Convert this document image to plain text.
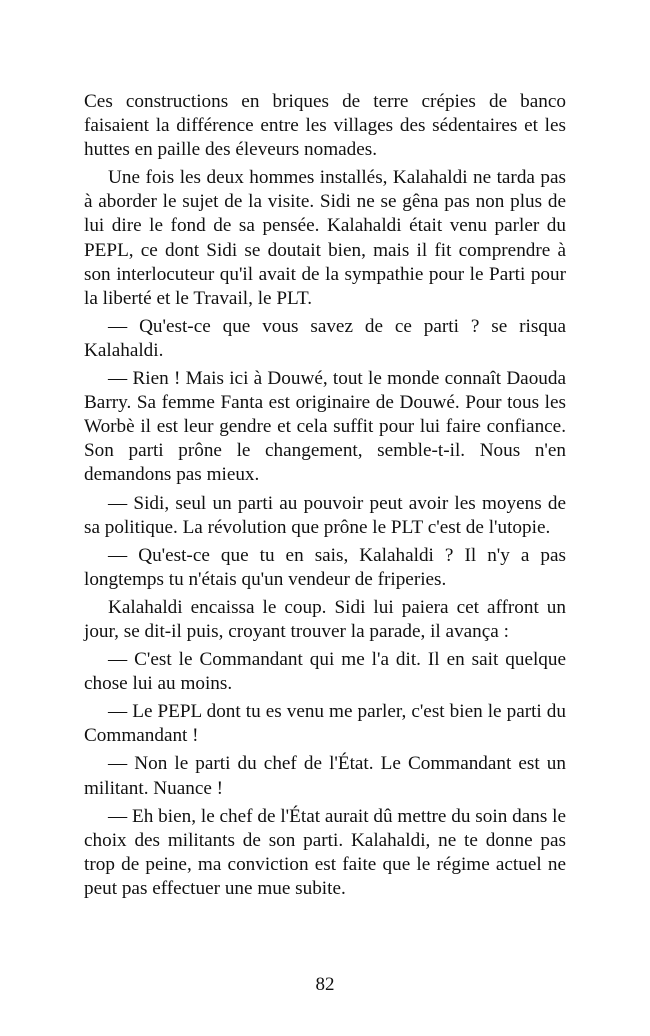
Ces constructions en briques de terre crépies de banco faisaient la différence entre les villages des sédentaires et les huttes en paille des éleveurs nomades.

Une fois les deux hommes installés, Kalahaldi ne tarda pas à aborder le sujet de la visite. Sidi ne se gêna pas non plus de lui dire le fond de sa pensée. Kalahaldi était venu parler du PEPL, ce dont Sidi se doutait bien, mais il fit comprendre à son interlocuteur qu'il avait de la sympathie pour le Parti pour la liberté et le Travail, le PLT.

— Qu'est-ce que vous savez de ce parti ? se risqua Kalahaldi.

— Rien ! Mais ici à Douwé, tout le monde connaît Daouda Barry. Sa femme Fanta est originaire de Douwé. Pour tous les Worbè il est leur gendre et cela suffit pour lui faire confiance. Son parti prône le changement, semble-t-il. Nous n'en demandons pas mieux.

— Sidi, seul un parti au pouvoir peut avoir les moyens de sa politique. La révolution que prône le PLT c'est de l'utopie.

— Qu'est-ce que tu en sais, Kalahaldi ? Il n'y a pas longtemps tu n'étais qu'un vendeur de friperies.

Kalahaldi encaissa le coup. Sidi lui paiera cet affront un jour, se dit-il puis, croyant trouver la parade, il avança :

— C'est le Commandant qui me l'a dit. Il en sait quelque chose lui au moins.

— Le PEPL dont tu es venu me parler, c'est bien le parti du Commandant !

— Non le parti du chef de l'État. Le Commandant est un militant. Nuance !

— Eh bien, le chef de l'État aurait dû mettre du soin dans le choix des militants de son parti. Kalahaldi, ne te donne pas trop de peine, ma conviction est faite que le régime actuel ne peut pas effectuer une mue subite.

82
